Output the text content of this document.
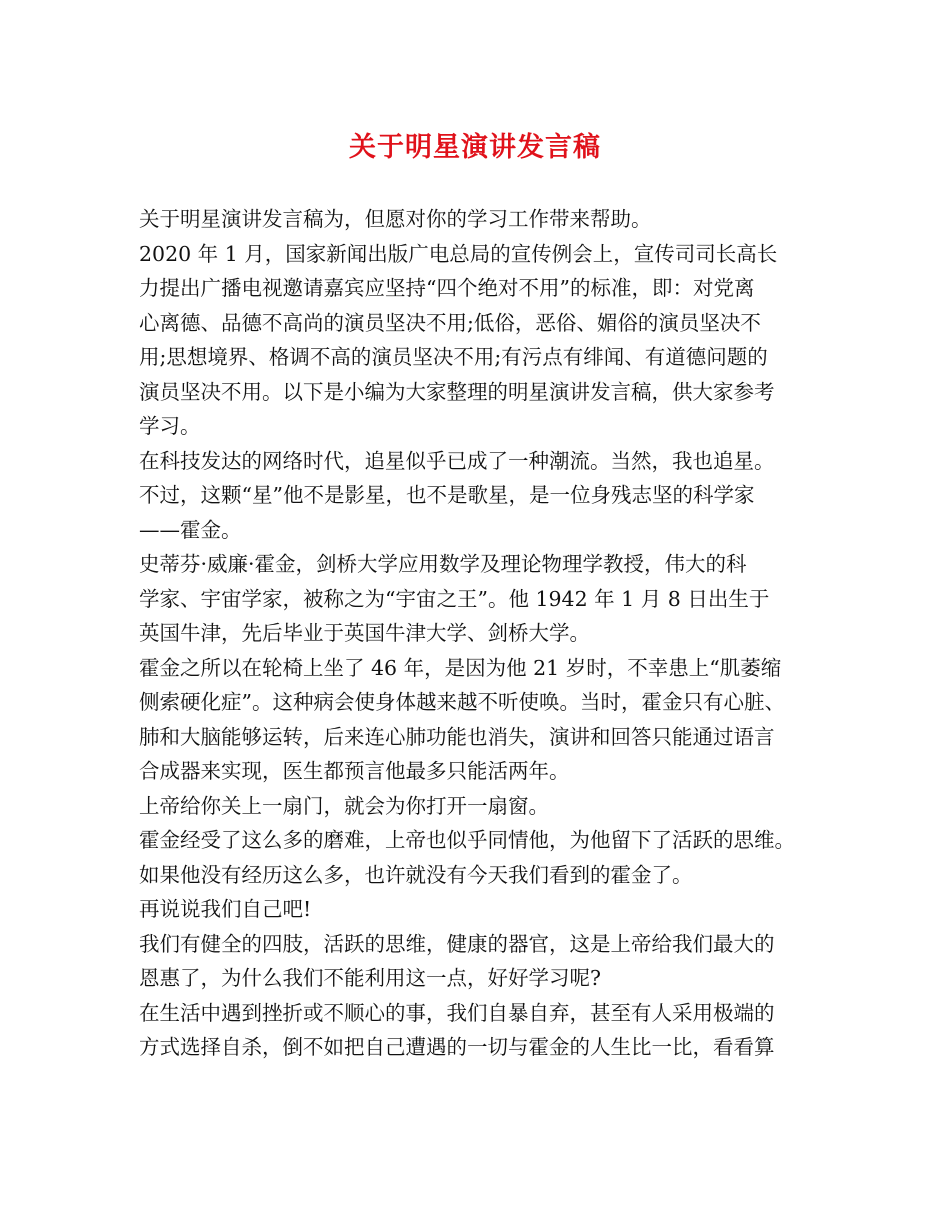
关于明星演讲发言稿
关于明星演讲发言稿为，但愿对你的学习工作带来帮助。
2020 年 1 月，国家新闻出版广电总局的宣传例会上，宣传司司长高长
力提出广播电视邀请嘉宾应坚持“四个绝对不用”的标准，即：对党离
心离德、品德不高尚的演员坚决不用;低俗，恶俗、媚俗的演员坚决不
用;思想境界、格调不高的演员坚决不用;有污点有绯闻、有道德问题的
演员坚决不用。以下是小编为大家整理的明星演讲发言稿，供大家参考
学习。
在科技发达的网络时代，追星似乎已成了一种潮流。当然，我也追星。
不过，这颗“星”他不是影星，也不是歌星，是一位身残志坚的科学家
——霍金。
史蒂芬·威廉·霍金，剑桥大学应用数学及理论物理学教授，伟大的科
学家、宇宙学家，被称之为“宇宙之王”。他 1942 年 1 月 8 日出生于
英国牛津，先后毕业于英国牛津大学、剑桥大学。
霍金之所以在轮椅上坐了 46 年，是因为他 21 岁时，不幸患上“肌萎缩
侧索硬化症”。这种病会使身体越来越不听使唤。当时，霍金只有心脏、
肺和大脑能够运转，后来连心肺功能也消失，演讲和回答只能通过语言
合成器来实现，医生都预言他最多只能活两年。
上帝给你关上一扇门，就会为你打开一扇窗。
霍金经受了这么多的磨难，上帝也似乎同情他，为他留下了活跃的思维。
如果他没有经历这么多，也许就没有今天我们看到的霍金了。
再说说我们自己吧!
我们有健全的四肢，活跃的思维，健康的器官，这是上帝给我们最大的
恩惠了，为什么我们不能利用这一点，好好学习呢?
在生活中遇到挫折或不顺心的事，我们自暴自弃，甚至有人采用极端的
方式选择自杀，倒不如把自己遭遇的一切与霍金的人生比一比，看看算
